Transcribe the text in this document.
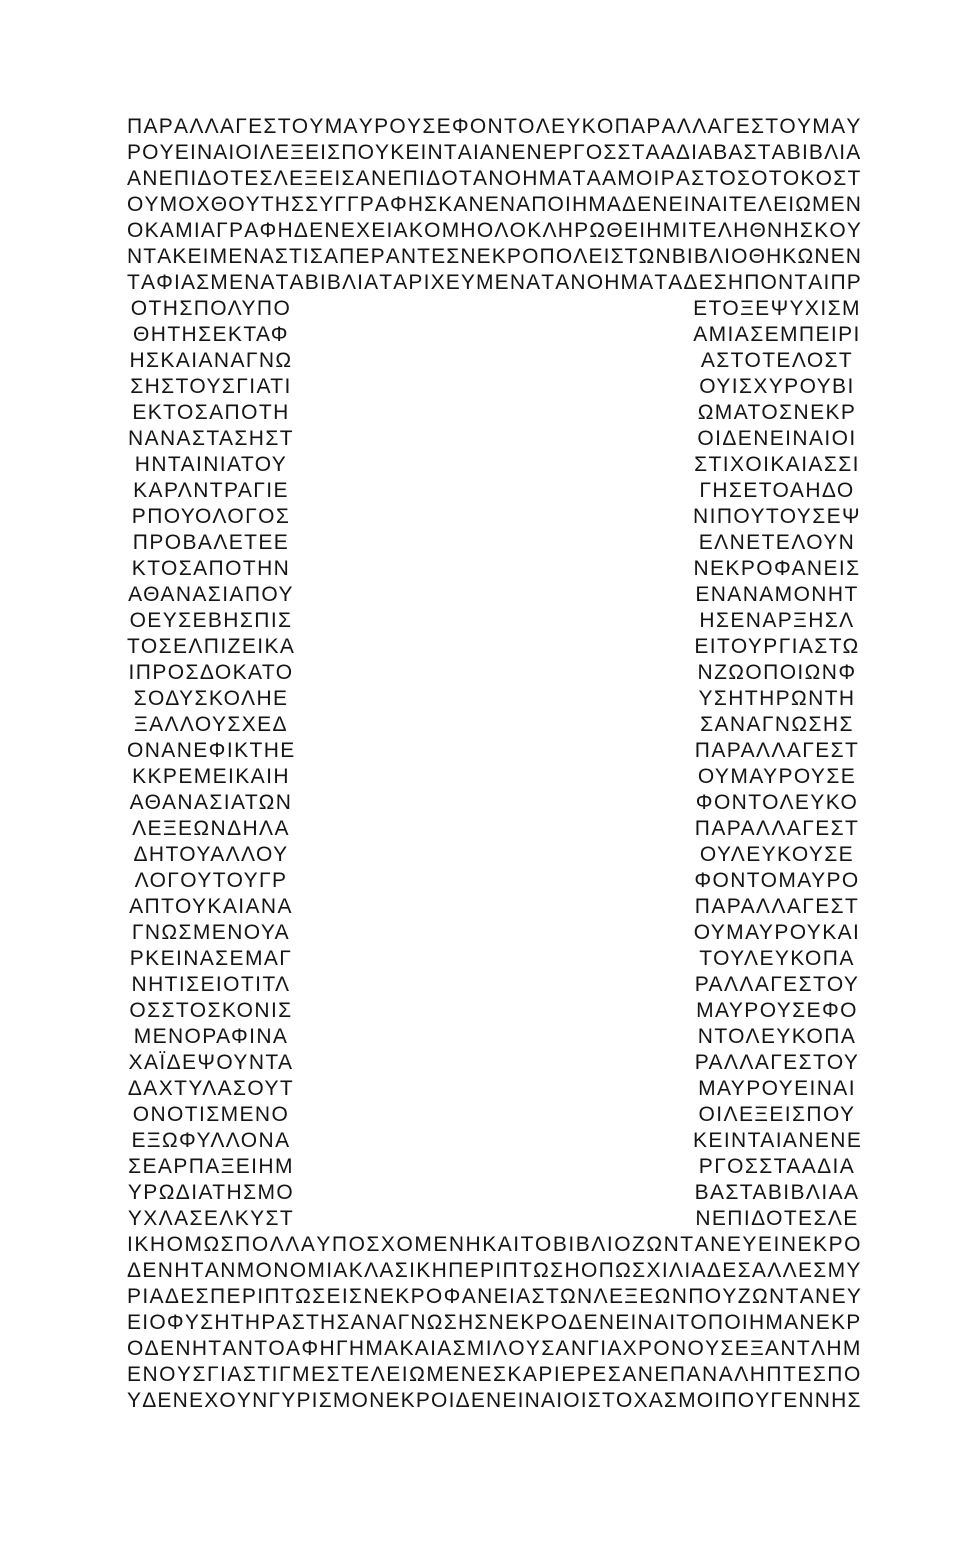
Π Α Ρ Α Λ Λ Α Γ Ε Σ Τ Ο Υ Μ Α Υ Ρ Ο Υ Σ Ε Φ Ο Ν Τ Ο Λ Ε Υ Κ Ο Π Α Ρ Α Λ Λ Α Γ Ε Σ Τ Ο Υ Μ Α Υ
Ρ Ο Υ Ε Ι Ν Α Ι Ο Ι Λ Ε Ξ Ε Ι Σ Π Ο Υ Κ Ε Ι Ν Τ Α Ι Α Ν Ε Ν Ε Ρ Γ Ο Σ Σ Τ Α Α Δ Ι Α Β Α Σ Τ Α Β Ι Β Λ Ι Α
Α Ν Ε Π Ι Δ Ο Τ Ε Σ Λ Ε Ξ Ε Ι Σ Α Ν Ε Π Ι Δ Ο Τ Α Ν Ο Η Μ Α Τ Α Α Μ Ο Ι Ρ Α Σ Τ Ο Σ Ο Τ Ο Κ Ο Σ Τ
Ο Υ Μ Ο Χ Θ Ο Υ Τ Η Σ Σ Υ Γ Γ Ρ Α Φ Η Σ Κ Α Ν Ε Ν Α Π Ο Ι Η Μ Α Δ Ε Ν Ε Ι Ν Α Ι Τ Ε Λ Ε Ι Ω Μ Ε Ν
Ο Κ Α Μ Ι Α Γ Ρ Α Φ Η Δ Ε Ν Ε Χ Ε Ι Α Κ Ο Μ Η Ο Λ Ο Κ Λ Η Ρ Ω Θ Ε Ι Η Μ Ι Τ Ε Λ Η Θ Ν Η Σ Κ Ο Υ
Ν Τ Α Κ Ε Ι Μ Ε Ν Α Σ Τ Ι Σ Α Π Ε Ρ Α Ν Τ Ε Σ Ν Ε Κ Ρ Ο Π Ο Λ Ε Ι Σ Τ Ω Ν Β Ι Β Λ Ι Ο Θ Η Κ Ω Ν Ε Ν
Τ Α Φ Ι Α Σ Μ Ε Ν Α Τ Α Β Ι Β Λ Ι Α Τ Α Ρ Ι Χ Ε Υ Μ Ε Ν Α Τ Α Ν Ο Η Μ Α Τ Α Δ Ε Σ Η Π Ο Ν Τ Α Ι Π Ρ
ΟΤΗΣΠΟΛΥΠΟ
ΘΗΤΗΣΕΚΤΑΦ
ΗΣΚΑΙΑΝΑΓΝΩ
ΣΗΣΤΟΥΣΓΙΑΤΙ
ΕΚΤΟΣΑΠΟΤΗ
ΝΑΝΑΣΤΑΣΗΣΤ
ΗΝΤΑΙΝΙΑΤΟΥ
ΚΑΡΛΝΤΡΑΓΙΕ
ΡΠΟΥΟΛΟΓΟΣ
ΠΡΟΒΑΛΕΤΕΕ
ΚΤΟΣΑΠΟΤΗΝ
ΑΘΑΝΑΣΙΑΠΟΥ
ΟΕΥΣΕΒΗΣΠΙΣ
ΤΟΣΕΛΠΙΖΕΙΚΑ
ΙΠΡΟΣΔΟΚΑΤΟ
ΣΟΔΥΣΚΟΛΗΕ
ΞΑΛΛΟΥΣΧΕΔ
ΟΝΑΝΕΦΙΚΤΗΕ
ΚΚΡΕΜΕΙΚΑΙΗ
ΑΘΑΝΑΣΙΑΤΩΝ
ΛΕΞΕΩΝΔΗΛΑ
ΔΗΤΟΥΑΛΛΟΥ
ΛΟΓΟΥΤΟΥΓΡ
ΑΠΤΟΥΚΑΙΑΝΑ
ΓΝΩΣΜΕΝΟΥΑ
ΡΚΕΙΝΑΣΕΜΑΓ
ΝΗΤΙΣΕΙΟΤΙΤΛ
ΟΣΣΤΟΣΚΟΝΙΣ
ΜΕΝΟΡΑΦΙΝΑ
ΧΑΪΔΕΨΟΥΝΤΑ
ΔΑΧΤΥΛΑΣΟΥΤ
ΟΝΟΤΙΣΜΕΝΟ
ΕΞΩΦΥΛΛΟΝΑ
ΣΕΑΡΠΑΞΕΙΗΜ
ΥΡΩΔΙΑΤΗΣΜΟ
ΥΧΛΑΣΕΛΚΥΣΤ
ΕΤΟΞΕΨΥΧΙΣΜ
ΑΜΙΑΣΕΜΠΕΙΡΙ
ΑΣΤΟΤΕΛΟΣΤ
ΟΥΙΣΧΥΡΟΥΒΙ
ΩΜΑΤΟΣΝΕΚΡ
ΟΙΔΕΝΕΙΝΑΙΟΙ
ΣΤΙΧΟΙΚΑΙΑΣΣΙ
ΓΗΣΕΤΟΑΗΔΟ
ΝΙΠΟΥΤΟΥΣΕΨ
ΕΛΝΕΤΕΛΟΥΝ
ΝΕΚΡΟΦΑΝΕΙΣ
ΕΝΑΝΑΜΟΝΗΤ
ΗΣΕΝΑΡΞΗΣΛ
ΕΙΤΟΥΡΓΙΑΣΤΩ
ΝΖΩΟΠΟΙΩΝΦ
ΥΣΗΤΗΡΩΝΤΗ
ΣΑΝΑΓΝΩΣΗΣ
ΠΑΡΑΛΛΑΓΕΣΤ
ΟΥΜΑΥΡΟΥΣΕ
ΦΟΝΤΟΛΕΥΚΟ
ΠΑΡΑΛΛΑΓΕΣΤ
ΟΥΛΕΥΚΟΥΣΕ
ΦΟΝΤΟΜΑΥΡΟ
ΠΑΡΑΛΛΑΓΕΣΤ
ΟΥΜΑΥΡΟΥΚΑΙ
ΤΟΥΛΕΥΚΟΠΑ
ΡΑΛΛΑΓΕΣΤΟΥ
ΜΑΥΡΟΥΣΕΦΟ
ΝΤΟΛΕΥΚΟΠΑ
ΡΑΛΛΑΓΕΣΤΟΥ
ΜΑΥΡΟΥΕΙΝΑΙ
ΟΙΛΕΞΕΙΣΠΟΥ
ΚΕΙΝΤΑΙΑΝΕΝΕ
ΡΓΟΣΣΤΑΑΔΙΑ
ΒΑΣΤΑΒΙΒΛΙΑΑ
ΝΕΠΙΔΟΤΕΣΛΕ
Ι Κ Η Ο Μ Ω Σ Π Ο Λ Λ Α Υ Π Ο Σ Χ Ο Μ Ε Ν Η Κ Α Ι Τ Ο Β Ι Β Λ Ι Ο Ζ Ω Ν Τ Α Ν Ε Υ Ε Ι Ν Ε Κ Ρ Ο
Δ Ε Ν Η Τ Α Ν Μ Ο Ν Ο Μ Ι Α Κ Λ Α Σ Ι Κ Η Π Ε Ρ Ι Π Τ Ω Σ Η Ο Π Ω Σ Χ Ι Λ Ι Α Δ Ε Σ Α Λ Λ Ε Σ Μ Υ
Ρ Ι Α Δ Ε Σ Π Ε Ρ Ι Π Τ Ω Σ Ε Ι Σ Ν Ε Κ Ρ Ο Φ Α Ν Ε Ι Α Σ Τ Ω Ν Λ Ε Ξ Ε Ω Ν Π Ο Υ Ζ Ω Ν Τ Α Ν Ε Υ
Ε Ι Ο Φ Υ Σ Η Τ Η Ρ Α Σ Τ Η Σ Α Ν Α Γ Ν Ω Σ Η Σ Ν Ε Κ Ρ Ο Δ Ε Ν Ε Ι Ν Α Ι Τ Ο Π Ο Ι Η Μ Α Ν Ε Κ Ρ
Ο Δ Ε Ν Η Τ Α Ν Τ Ο Α Φ Η Γ Η Μ Α Κ Α Ι Α Σ Μ Ι Λ Ο Υ Σ Α Ν Γ Ι Α Χ Ρ Ο Ν Ο Υ Σ Ε Ξ Α Ν Τ Λ Η Μ
Ε Ν Ο Υ Σ Γ Ι Α Σ Τ Ι Γ Μ Ε Σ Τ Ε Λ Ε Ι Ω Μ Ε Ν Ε Σ Κ Α Ρ Ι Ε Ρ Ε Σ Α Ν Ε Π Α Ν Α Λ Η Π Τ Ε Σ Π Ο
Υ Δ Ε Ν Ε Χ Ο Υ Ν Γ Υ Ρ Ι Σ Μ Ο Ν Ε Κ Ρ Ο Ι Δ Ε Ν Ε Ι Ν Α Ι Ο Ι Σ Τ Ο Χ Α Σ Μ Ο Ι Π Ο Υ Γ Ε Ν Ν Η Σ
